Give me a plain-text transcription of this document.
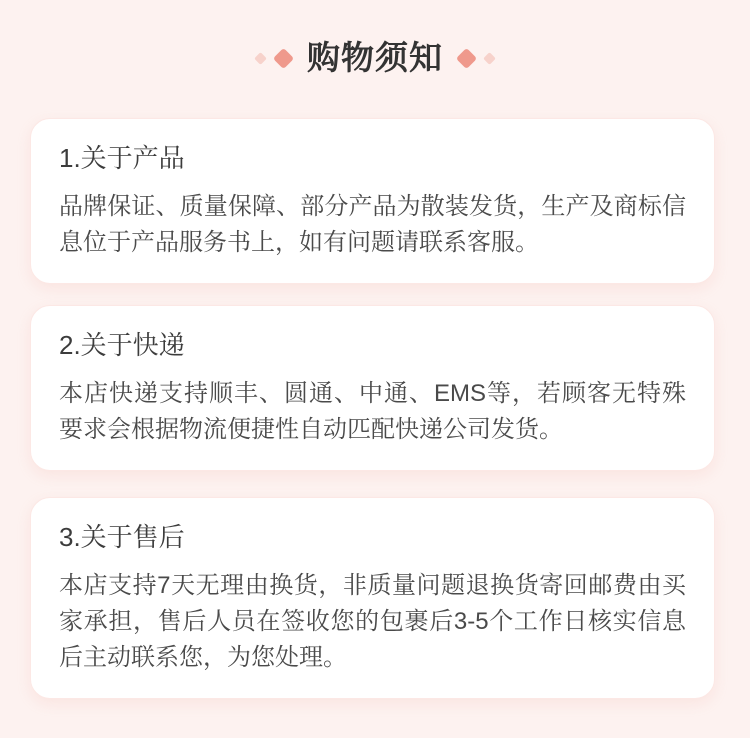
购物须知
1.关于产品

品牌保证、质量保障、部分产品为散装发货，生产及商标信息位于产品服务书上，如有问题请联系客服。

2.关于快递

本店快递支持顺丰、圆通、中通、EMS等，若顾客无特殊要求会根据物流便捷性自动匹配快递公司发货。

3.关于售后

本店支持7天无理由换货，非质量问题退换货寄回邮费由买家承担，售后人员在签收您的包裹后3-5个工作日核实信息后主动联系您，为您处理。
